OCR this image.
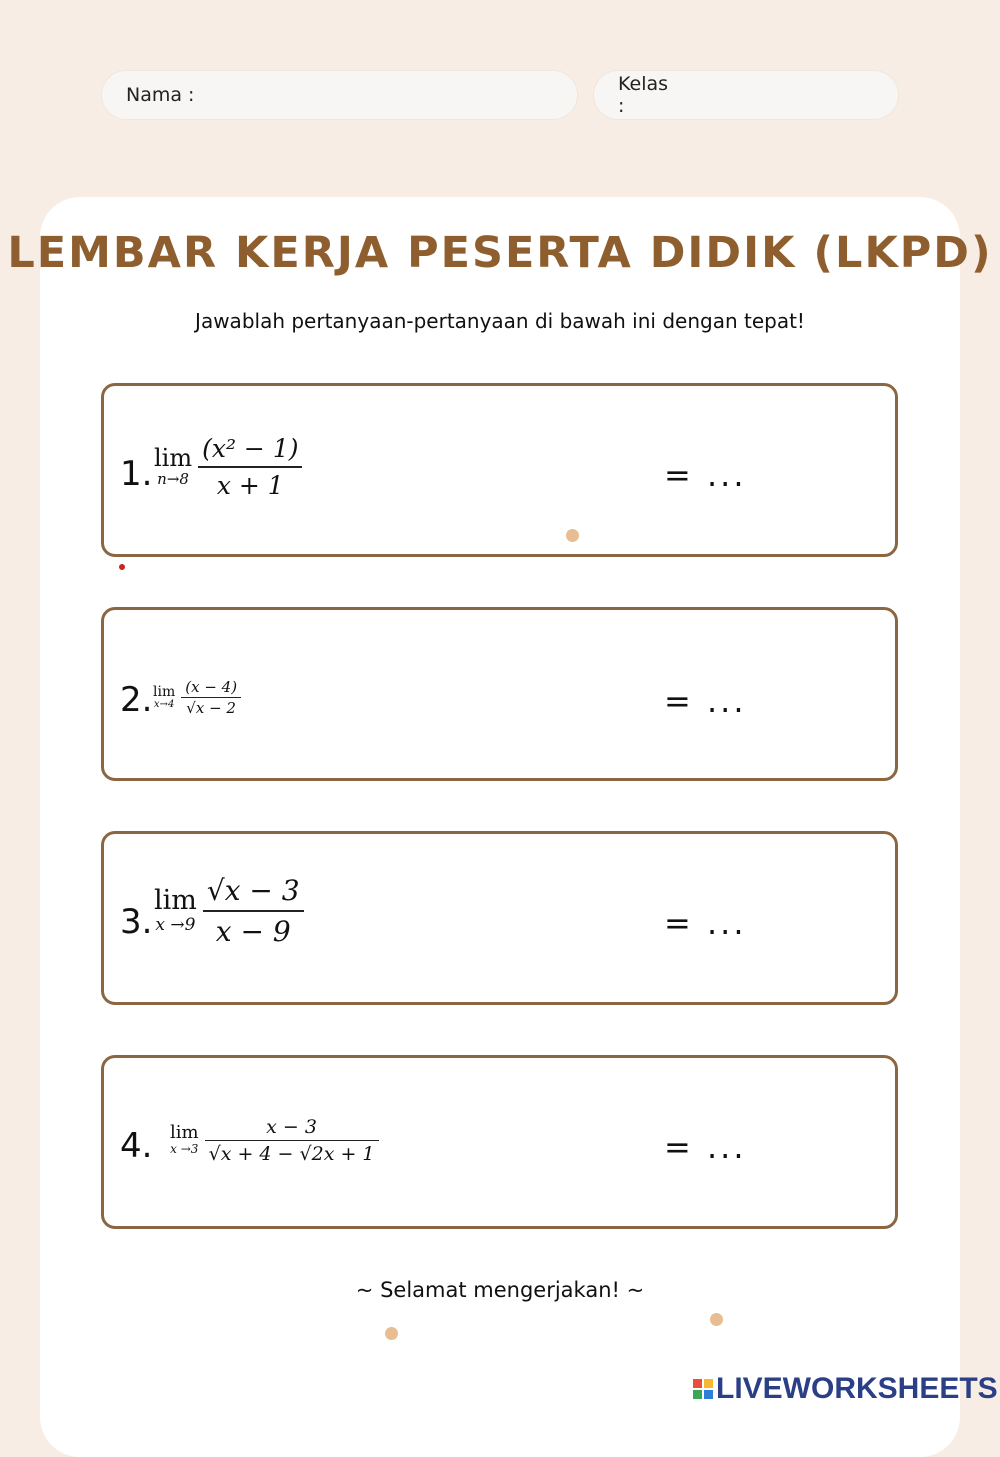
Nama :	Kelas :
LEMBAR KERJA PESERTA DIDIK (LKPD)
Jawablah pertanyaan-pertanyaan di bawah ini dengan tepat!
1. lim
$n\to 8 \frac{\text{(x² − 1)}}{x + 1}$	= ...
2. lim
$x\to 4 \frac{(x - 4)}{√x - 2}$	= ...
3.
lim
$x \to 9 \frac{√x - 3}{x - 9}$	= ...
4. lim
$x \to 3 \frac{x - 3}{√x + 4 - √2x + 1}$	= ...
~ Selamat mengerjakan! ~
LIVEWORKSHEETS
